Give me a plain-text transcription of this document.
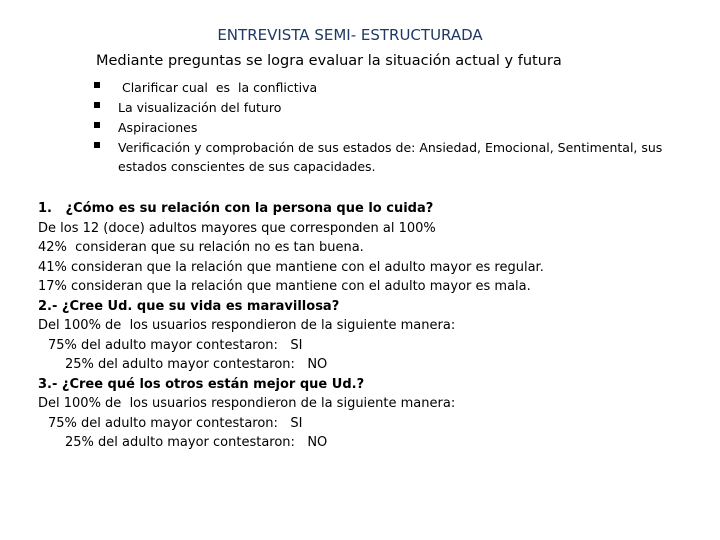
ENTREVISTA SEMI- ESTRUCTURADA
Mediante preguntas se logra evaluar la situación actual y futura
Clarificar cual  es  la conflictiva
La visualización del futuro
Aspiraciones
Verificación y comprobación de sus estados de: Ansiedad, Emocional, Sentimental, sus estados conscientes de sus capacidades.
1.   ¿Cómo es su relación con la persona que lo cuida?
De los 12 (doce) adultos mayores que corresponden al 100%
42%  consideran que su relación no es tan buena.
41% consideran que la relación que mantiene con el adulto mayor es regular.
17% consideran que la relación que mantiene con el adulto mayor es mala.
2.- ¿Cree Ud. que su vida es maravillosa?
Del 100% de  los usuarios respondieron de la siguiente manera:
75% del adulto mayor contestaron:   SI
25% del adulto mayor contestaron:   NO
3.- ¿Cree qué los otros están mejor que Ud.?
Del 100% de  los usuarios respondieron de la siguiente manera:
75% del adulto mayor contestaron:   SI
25% del adulto mayor contestaron:   NO
